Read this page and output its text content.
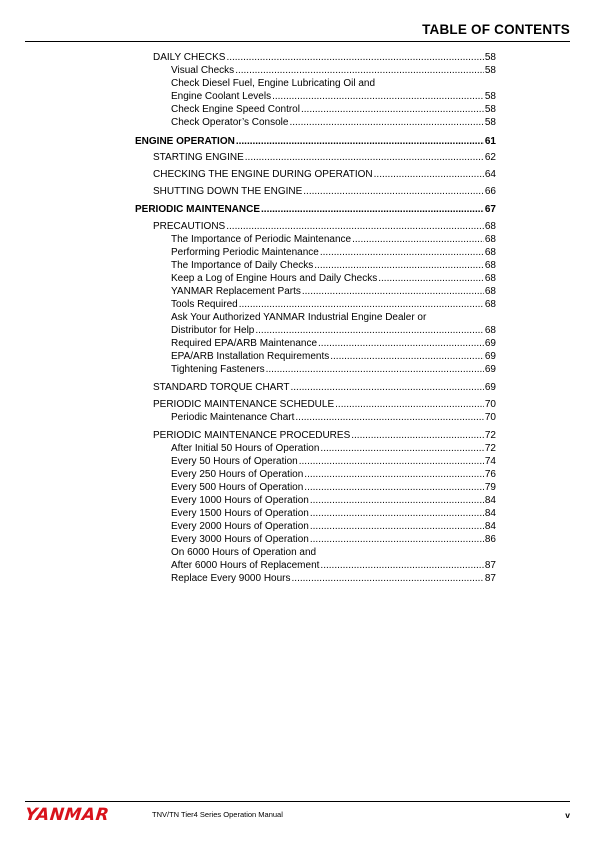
TABLE OF CONTENTS
DAILY CHECKS .....	58
Visual Checks .....	58
Check Diesel Fuel, Engine Lubricating Oil and
Engine Coolant Levels .....	58
Check Engine Speed Control .....	58
Check Operator’s Console .....	58
ENGINE OPERATION .....	61
STARTING ENGINE .....	62
CHECKING THE ENGINE DURING OPERATION .....	64
SHUTTING DOWN THE ENGINE .....	66
PERIODIC MAINTENANCE .....	67
PRECAUTIONS .....	68
The Importance of Periodic Maintenance .....	68
Performing Periodic Maintenance .....	68
The Importance of Daily Checks .....	68
Keep a Log of Engine Hours and Daily Checks .....	68
YANMAR Replacement Parts .....	68
Tools Required .....	68
Ask Your Authorized YANMAR Industrial Engine Dealer or
Distributor for Help .....	68
Required EPA/ARB Maintenance .....	69
EPA/ARB Installation Requirements .....	69
Tightening Fasteners .....	69
STANDARD TORQUE CHART .....	69
PERIODIC MAINTENANCE SCHEDULE .....	70
Periodic Maintenance Chart .....	70
PERIODIC MAINTENANCE PROCEDURES .....	72
After Initial 50 Hours of Operation .....	72
Every 50 Hours of Operation .....	74
Every 250 Hours of Operation .....	76
Every 500 Hours of Operation .....	79
Every 1000 Hours of Operation .....	84
Every 1500 Hours of Operation .....	84
Every 2000 Hours of Operation .....	84
Every 3000 Hours of Operation .....	86
On 6000 Hours of Operation and
After 6000 Hours of Replacement .....	87
Replace Every 9000 Hours .....	87
YANMAR	TNV/TN Tier4 Series Operation Manual	v
